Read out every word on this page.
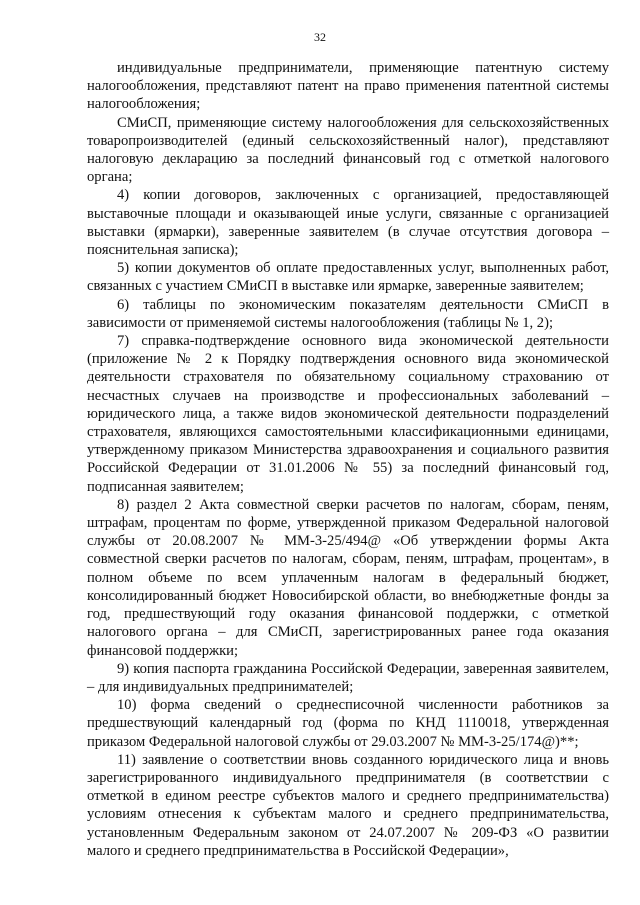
32

индивидуальные предприниматели, применяющие патентную систему налогообложения, представляют патент на право применения патентной системы налогообложения;

СМиСП, применяющие систему налогообложения для сельскохозяйственных товаропроизводителей (единый сельскохозяйственный налог), представляют налоговую декларацию за последний финансовый год с отметкой налогового органа;

4) копии договоров, заключенных с организацией, предоставляющей выставочные площади и оказывающей иные услуги, связанные с организацией выставки (ярмарки), заверенные заявителем (в случае отсутствия договора – пояснительная записка);

5) копии документов об оплате предоставленных услуг, выполненных работ, связанных с участием СМиСП в выставке или ярмарке, заверенные заявителем;

6) таблицы по экономическим показателям деятельности СМиСП в зависимости от применяемой системы налогообложения (таблицы № 1, 2);

7) справка-подтверждение основного вида экономической деятельности (приложение № 2 к Порядку подтверждения основного вида экономической деятельности страхователя по обязательному социальному страхованию от несчастных случаев на производстве и профессиональных заболеваний – юридического лица, а также видов экономической деятельности подразделений страхователя, являющихся самостоятельными классификационными единицами, утвержденному приказом Министерства здравоохранения и социального развития Российской Федерации от 31.01.2006 № 55) за последний финансовый год, подписанная заявителем;

8) раздел 2 Акта совместной сверки расчетов по налогам, сборам, пеням, штрафам, процентам по форме, утвержденной приказом Федеральной налоговой службы от 20.08.2007 № ММ-3-25/494@ «Об утверждении формы Акта совместной сверки расчетов по налогам, сборам, пеням, штрафам, процентам», в полном объеме по всем уплаченным налогам в федеральный бюджет, консолидированный бюджет Новосибирской области, во внебюджетные фонды за год, предшествующий году оказания финансовой поддержки, с отметкой налогового органа – для СМиСП, зарегистрированных ранее года оказания финансовой поддержки;

9) копия паспорта гражданина Российской Федерации, заверенная заявителем, – для индивидуальных предпринимателей;

10) форма сведений о среднесписочной численности работников за предшествующий календарный год (форма по КНД 1110018, утвержденная приказом Федеральной налоговой службы от 29.03.2007 № ММ-3-25/174@)**;

11) заявление о соответствии вновь созданного юридического лица и вновь зарегистрированного индивидуального предпринимателя (в соответствии с отметкой в едином реестре субъектов малого и среднего предпринимательства) условиям отнесения к субъектам малого и среднего предпринимательства, установленным Федеральным законом от 24.07.2007 № 209-ФЗ «О развитии малого и среднего предпринимательства в Российской Федерации»,
